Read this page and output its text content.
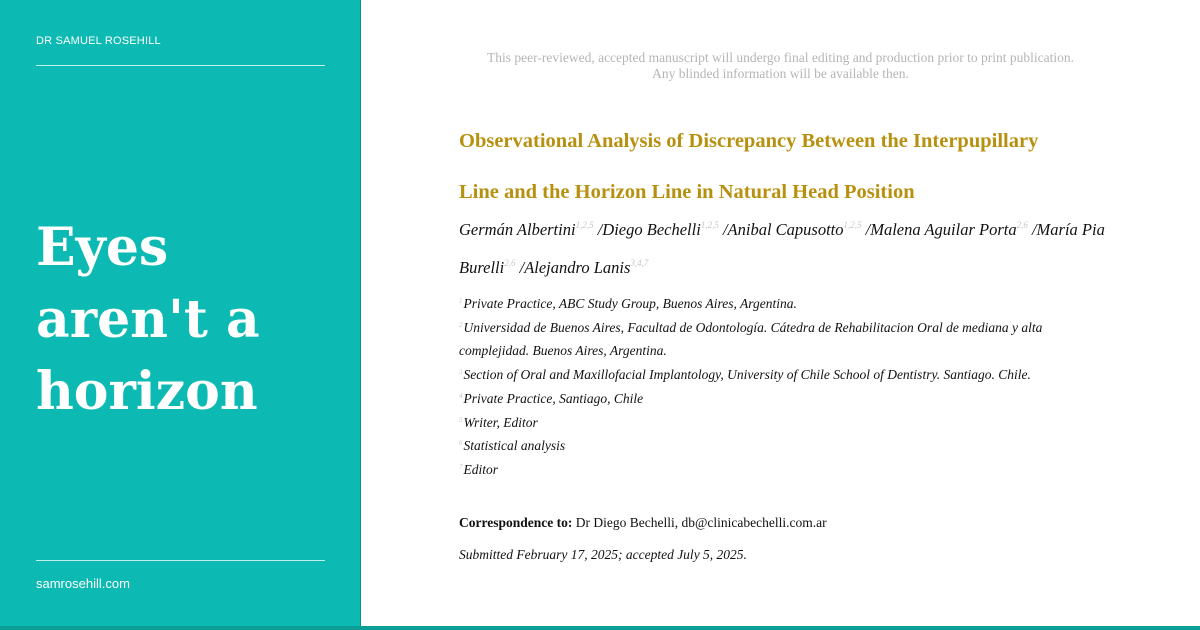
DR SAMUEL ROSEHILL
Eyes
aren't a
horizon
samrosehill.com
This peer-reviewed, accepted manuscript will undergo final editing and production prior to print publication.
Any blinded information will be available then.
Observational Analysis of Discrepancy Between the Interpupillary
Line and the Horizon Line in Natural Head Position
Germán Albertini$^{1,2,5}$ /Diego Bechelli$^{1,2,5}$ /Anibal Capusotto$^{1,2,5}$ /Malena Aguilar Porta$^{2,6}$ /María Pia Burelli$^{2,6}$ /Alejandro Lanis$^{3,4,7}$
$^1$Private Practice, ABC Study Group, Buenos Aires, Argentina.
$^2$Universidad de Buenos Aires, Facultad de Odontología. Cátedra de Rehabilitacion Oral de mediana y alta complejidad. Buenos Aires, Argentina.
$^3$Section of Oral and Maxillofacial Implantology, University of Chile School of Dentistry. Santiago. Chile.
$^4$Private Practice, Santiago, Chile
$^5$Writer, Editor
$^6$Statistical analysis
$^7$Editor
Correspondence to: Dr Diego Bechelli, db@clinicabechelli.com.ar
Submitted February 17, 2025; accepted July 5, 2025.
